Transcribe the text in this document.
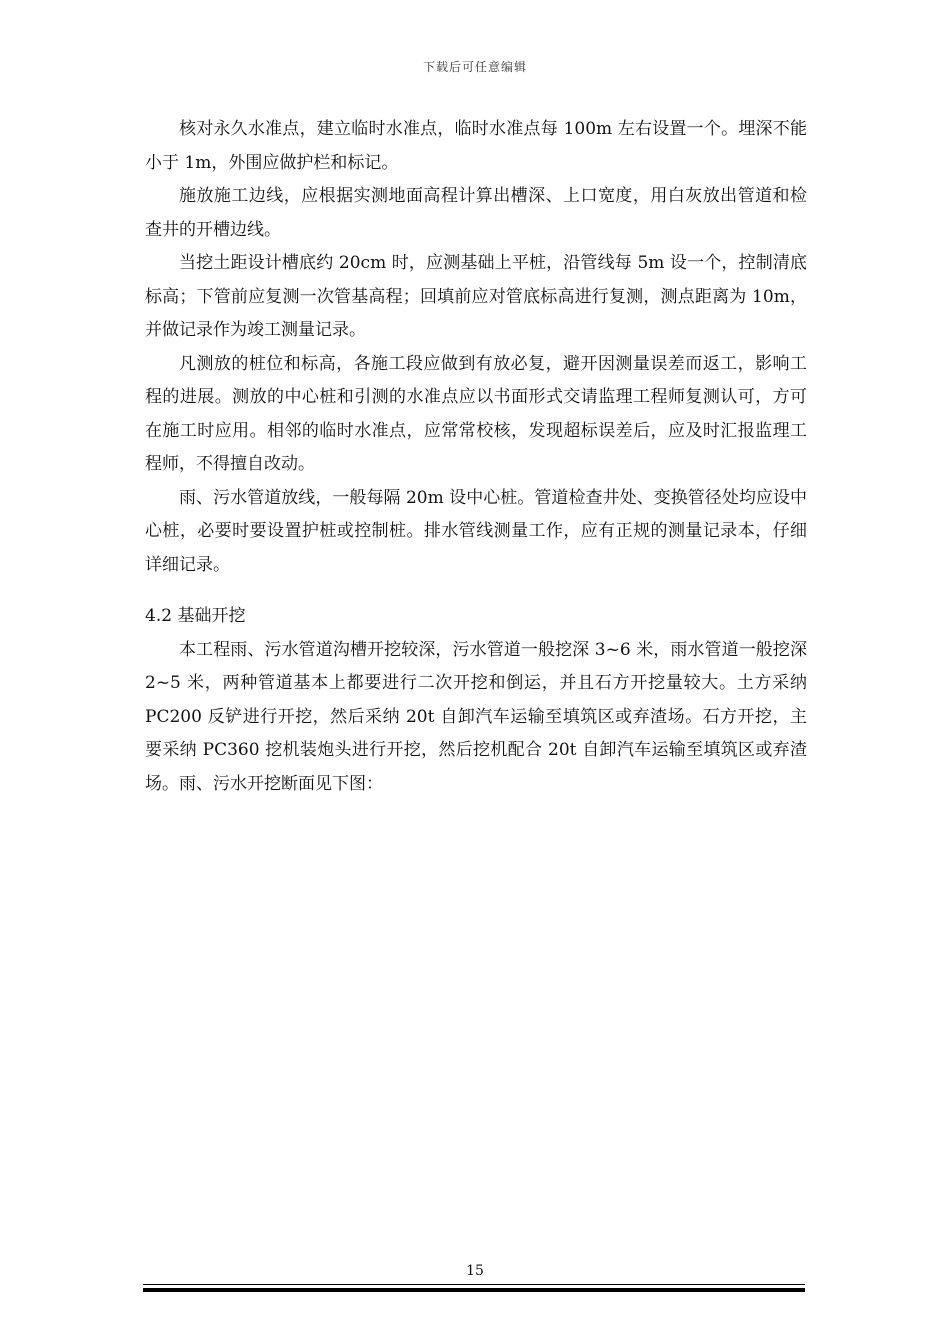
下载后可任意编辑

核对永久水准点，建立临时水准点，临时水准点每 100m 左右设置一个。埋深不能小于 1m，外围应做护栏和标记。

施放施工边线，应根据实测地面高程计算出槽深、上口宽度，用白灰放出管道和检查井的开槽边线。

当挖土距设计槽底约 20cm 时，应测基础上平桩，沿管线每 5m 设一个，控制清底标高；下管前应复测一次管基高程；回填前应对管底标高进行复测，测点距离为 10m，并做记录作为竣工测量记录。

凡测放的桩位和标高，各施工段应做到有放必复，避开因测量误差而返工，影响工程的进展。测放的中心桩和引测的水准点应以书面形式交请监理工程师复测认可，方可在施工时应用。相邻的临时水准点，应常常校核，发现超标误差后，应及时汇报监理工程师，不得擅自改动。

雨、污水管道放线，一般每隔 20m 设中心桩。管道检查井处、变换管径处均应设中心桩，必要时要设置护桩或控制桩。排水管线测量工作，应有正规的测量记录本，仔细详细记录。

4.2 基础开挖

本工程雨、污水管道沟槽开挖较深，污水管道一般挖深 3~6 米，雨水管道一般挖深 2~5 米，两种管道基本上都要进行二次开挖和倒运，并且石方开挖量较大。土方采纳 PC200 反铲进行开挖，然后采纳 20t 自卸汽车运输至填筑区或弃渣场。石方开挖，主要采纳 PC360 挖机装炮头进行开挖，然后挖机配合 20t 自卸汽车运输至填筑区或弃渣场。雨、污水开挖断面见下图：

15
